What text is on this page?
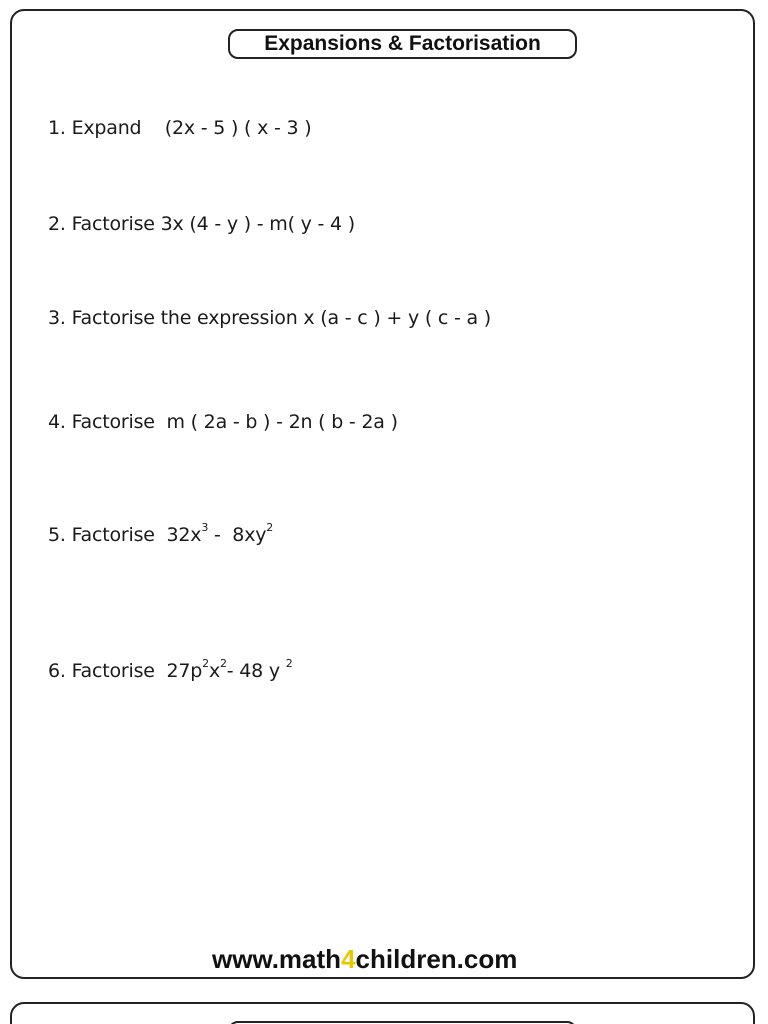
Expansions & Factorisation
1. Expand    (2x - 5 ) ( x - 3 )
2. Factorise 3x (4 - y ) - m( y - 4 )
3. Factorise the expression x (a - c ) + y ( c - a )
4. Factorise  m ( 2a - b ) - 2n ( b - 2a )
5. Factorise  $32x^3 - 8xy^2$
6. Factorise  $27p^2x^2-$ 48 y $^2$
www.math4children.com
